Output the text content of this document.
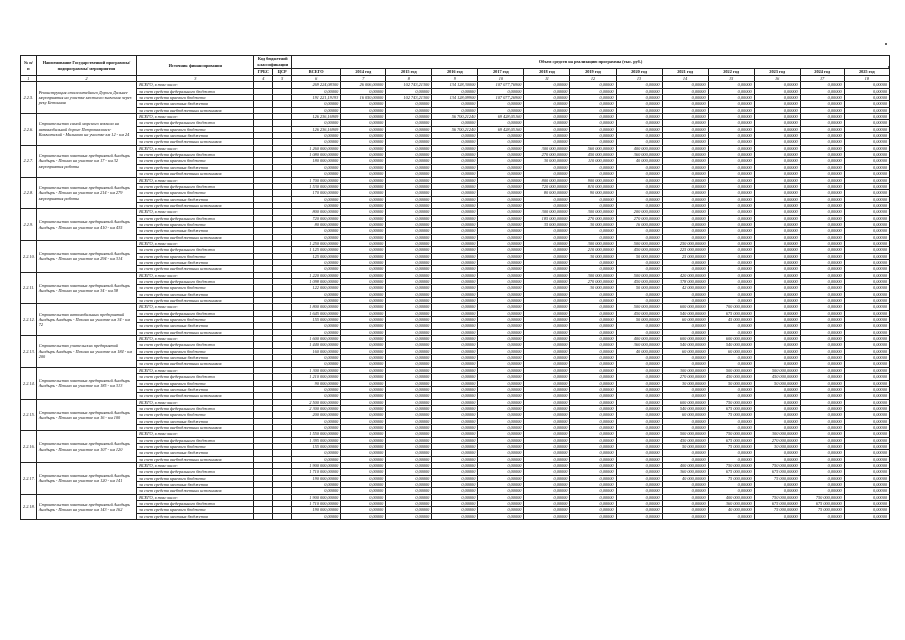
№ п/п	Наименование Государственной программы/ подпрограммы/ мероприятия	Источник финансирования	Код бюджетной классификации		Объем средств на реализацию программы (тыс. руб.)												
			ГРБС	ЦСР	ВСЕГО	2014 год	2015 год	2016 год	2017 год	2018 год	2019 год	2020 год	2021 год	2022 год	2023 год	2024 год	2025 год

1	2	3	4	5	6	7	8	9	10	11	12	13	14	15	16	17	18
2.2.5.	Реконструкция сталелитейного Дороги Дальнее мероприятия на участке местного значения через реку Бетонная	ВСЕГО, в том числе:			269 224,08300	26 006,00000	102 743,21300	134 128,30000	107 077,76900	0,00000	0,00000	0,00000	0,00000	0,00000	0,00000	0,00000	0,00000
		за счет средств федерального бюджета			0,00000	0,00000	0,00000	0,00000	0,00000	0,00000	0,00000	0,00000	0,00000	0,00000	0,00000	0,00000	0,00000
		за счет средств краевого бюджета			191 221,19193	16 050,00000	102 743,21300	134 128,09900	107 077,26900	0,00000	0,00000	0,00000	0,00000	0,00000	0,00000	0,00000	0,00000
		за счет средств местных бюджетов			0,00000	0,00000	0,00000	0,00000	0,00000	0,00000	0,00000	0,00000	0,00000	0,00000	0,00000	0,00000	0,00000
		за счет средств внебюджетных источников			0,00000	0,00000	0,00000	0,00000	0,00000	0,00000	0,00000	0,00000	0,00000	0,00000	0,00000	0,00000	0,00000
2.2.6.	Строительство самой морского вокзала на автомобильной дороге Петропавловск-Камчатский - Мильково на участке км 12 - км 24	ВСЕГО, в том числе:			126 236,16909	0,00000	0,00000	56 700,21240	69 428,05160	0,00000	0,00000	0,00000	0,00000	0,00000	0,00000	0,00000	0,00000
		за счет средств федерального бюджета			0,00000	0,00000	0,00000	0,00000	0,00000	0,00000	0,00000	0,00000	0,00000	0,00000	0,00000	0,00000	0,00000
		за счет средств краевого бюджета			126 236,16909	0,00000	0,00000	56 700,21240	69 428,05160	0,00000	0,00000	0,00000	0,00000	0,00000	0,00000	0,00000	0,00000
		за счет средств местных бюджетов			0,00000	0,00000	0,00000	0,00000	0,00000	0,00000	0,00000	0,00000	0,00000	0,00000	0,00000	0,00000	0,00000
		за счет средств внебюджетных источников			0,00000	0,00000	0,00000	0,00000	0,00000	0,00000	0,00000	0,00000	0,00000	0,00000	0,00000	0,00000	0,00000
2.2.7.	Строительство заветных предприятий Анадырь Анадырь - Пекино на участке км 17 - км 32 мероприятия работы	ВСЕГО, в том числе:			1 260 000,00000	0,00000	0,00000	0,00000	0,00000	300 000,00000	560 000,00000	400 000,00000	0,00000	0,00000	0,00000	0,00000	0,00000
		за счет средств федерального бюджета			1 080 000,00000	0,00000	0,00000	0,00000	0,00000	270 000,00000	450 000,00000	360 000,00000	0,00000	0,00000	0,00000	0,00000	0,00000
		за счет средств краевого бюджета			180 000,00000	0,00000	0,00000	0,00000	0,00000	30 000,00000	110 000,00000	40 000,00000	0,00000	0,00000	0,00000	0,00000	0,00000
		за счет средств местных бюджетов			0,00000	0,00000	0,00000	0,00000	0,00000	0,00000	0,00000	0,00000	0,00000	0,00000	0,00000	0,00000	0,00000
		за счет средств внебюджетных источников			0,00000	0,00000	0,00000	0,00000	0,00000	0,00000	0,00000	0,00000	0,00000	0,00000	0,00000	0,00000	0,00000
2.2.8.	Строительство заветных предприятий Анадырь Анадырь - Пекино на участке км 214 - км 279 мероприятия работы	ВСЕГО, в том числе:			1 700 000,00000	0,00000	0,00000	0,00000	0,00000	800 000,00000	900 000,00000	0,00000	0,00000	0,00000	0,00000	0,00000	0,00000
		за счет средств федерального бюджета			1 530 000,00000	0,00000	0,00000	0,00000	0,00000	720 000,00000	810 000,00000	0,00000	0,00000	0,00000	0,00000	0,00000	0,00000
		за счет средств краевого бюджета			170 000,00000	0,00000	0,00000	0,00000	0,00000	80 000,00000	90 000,00000	0,00000	0,00000	0,00000	0,00000	0,00000	0,00000
		за счет средств местных бюджетов			0,00000	0,00000	0,00000	0,00000	0,00000	0,00000	0,00000	0,00000	0,00000	0,00000	0,00000	0,00000	0,00000
		за счет средств внебюджетных источников			0,00000	0,00000	0,00000	0,00000	0,00000	0,00000	0,00000	0,00000	0,00000	0,00000	0,00000	0,00000	0,00000
2.2.9.	Строительство заветных предприятий Анадырь Анадырь - Пекино на участке км 410 - км 435	ВСЕГО, в том числе:			800 000,00000	0,00000	0,00000	0,00000	0,00000	300 000,00000	300 000,00000	200 000,00000	0,00000	0,00000	0,00000	0,00000	0,00000
		за счет средств федерального бюджета			720 000,00000	0,00000	0,00000	0,00000	0,00000	185 000,00000	270 000,00000	270 000,00000	0,00000	0,00000	0,00000	0,00000	0,00000
		за счет средств краевого бюджета			80 000,00000	0,00000	0,00000	0,00000	0,00000	35 000,00000	30 000,00000	16 000,00000	0,00000	0,00000	0,00000	0,00000	0,00000
		за счет средств местных бюджетов			0,00000	0,00000	0,00000	0,00000	0,00000	0,00000	0,00000	0,00000	0,00000	0,00000	0,00000	0,00000	0,00000
		за счет средств внебюджетных источников			0,00000	0,00000	0,00000	0,00000	0,00000	0,00000	0,00000	0,00000	0,00000	0,00000	0,00000	0,00000	0,00000
2.2.10.	Строительство заветных предприятий Анадырь Анадырь - Пекино на участке км 294 - км 314	ВСЕГО, в том числе:			1 250 000,00000	0,00000	0,00000	0,00000	0,00000	0,00000	300 000,00000	500 000,00000	250 000,00000	0,00000	0,00000	0,00000	0,00000
		за счет средств федерального бюджета			1 125 000,00000	0,00000	0,00000	0,00000	0,00000	0,00000	210 000,00000	450 000,00000	225 000,00000	0,00000	0,00000	0,00000	0,00000
		за счет средств краевого бюджета			125 000,00000	0,00000	0,00000	0,00000	0,00000	0,00000	30 000,00000	50 000,00000	25 000,00000	0,00000	0,00000	0,00000	0,00000
		за счет средств местных бюджетов			0,00000	0,00000	0,00000	0,00000	0,00000	0,00000	0,00000	0,00000	0,00000	0,00000	0,00000	0,00000	0,00000
		за счет средств внебюджетных источников			0,00000	0,00000	0,00000	0,00000	0,00000	0,00000	0,00000	0,00000	0,00000	0,00000	0,00000	0,00000	0,00000
2.2.11.	Строительство заветных предприятий Анадырь Анадырь - Пекино на участке км 34 - км 58	ВСЕГО, в том числе:			1 220 000,00000	0,00000	0,00000	0,00000	0,00000	0,00000	300 000,00000	500 000,00000	420 000,00000	0,00000	0,00000	0,00000	0,00000
		за счет средств федерального бюджета			1 098 000,00000	0,00000	0,00000	0,00000	0,00000	0,00000	270 000,00000	450 000,00000	378 000,00000	0,00000	0,00000	0,00000	0,00000
		за счет средств краевого бюджета			122 000,00000	0,00000	0,00000	0,00000	0,00000	0,00000	30 000,00000	50 000,00000	42 000,00000	0,00000	0,00000	0,00000	0,00000
		за счет средств местных бюджетов			0,00000	0,00000	0,00000	0,00000	0,00000	0,00000	0,00000	0,00000	0,00000	0,00000	0,00000	0,00000	0,00000
		за счет средств внебюджетных источников			0,00000	0,00000	0,00000	0,00000	0,00000	0,00000	0,00000	0,00000	0,00000	0,00000	0,00000	0,00000	0,00000
2.2.12.	Строительство автомобильных предприятий Анадырь Анадырь - Пекино на участке км 34 - км 72	ВСЕГО, в том числе:			1 800 000,00000	0,00000	0,00000	0,00000	0,00000	0,00000	0,00000	500 000,00000	600 000,00000	700 000,00000	0,00000	0,00000	0,00000
		за счет средств федерального бюджета			1 645 000,00000	0,00000	0,00000	0,00000	0,00000	0,00000	0,00000	450 000,00000	540 000,00000	675 000,00000	0,00000	0,00000	0,00000
		за счет средств краевого бюджета			155 000,00000	0,00000	0,00000	0,00000	0,00000	0,00000	0,00000	50 000,00000	60 000,00000	45 000,00000	0,00000	0,00000	0,00000
		за счет средств местных бюджетов			0,00000	0,00000	0,00000	0,00000	0,00000	0,00000	0,00000	0,00000	0,00000	0,00000	0,00000	0,00000	0,00000
		за счет средств внебюджетных источников			0,00000	0,00000	0,00000	0,00000	0,00000	0,00000	0,00000	0,00000	0,00000	0,00000	0,00000	0,00000	0,00000
2.2.13.	Строительство учительских предприятий Анадырь Анадырь - Пекино на участке км 184 - км 200	ВСЕГО, в том числе:			1 600 000,00000	0,00000	0,00000	0,00000	0,00000	0,00000	0,00000	400 000,00000	600 000,00000	600 000,00000	0,00000	0,00000	0,00000
		за счет средств федерального бюджета			1 440 000,00000	0,00000	0,00000	0,00000	0,00000	0,00000	0,00000	360 000,00000	540 000,00000	540 000,00000	0,00000	0,00000	0,00000
		за счет средств краевого бюджета			160 000,00000	0,00000	0,00000	0,00000	0,00000	0,00000	0,00000	40 000,00000	60 000,00000	60 000,00000	0,00000	0,00000	0,00000
		за счет средств местных бюджетов			0,00000	0,00000	0,00000	0,00000	0,00000	0,00000	0,00000	0,00000	0,00000	0,00000	0,00000	0,00000	0,00000
		за счет средств внебюджетных источников			0,00000	0,00000	0,00000	0,00000	0,00000	0,00000	0,00000	0,00000	0,00000	0,00000	0,00000	0,00000	0,00000
2.2.14.	Строительство заветных предприятий Анадырь Анадырь - Пекино на участке км 185 - км 313	ВСЕГО, в том числе:			1 300 000,00000	0,00000	0,00000	0,00000	0,00000	0,00000	0,00000	0,00000	300 000,00000	500 000,00000	500 000,00000	0,00000	0,00000
		за счет средств федерального бюджета			1 210 000,00000	0,00000	0,00000	0,00000	0,00000	0,00000	0,00000	0,00000	270 000,00000	450 000,00000	450 000,00000	0,00000	0,00000
		за счет средств краевого бюджета			90 000,00000	0,00000	0,00000	0,00000	0,00000	0,00000	0,00000	0,00000	30 000,00000	50 000,00000	50 000,00000	0,00000	0,00000
		за счет средств местных бюджетов			0,00000	0,00000	0,00000	0,00000	0,00000	0,00000	0,00000	0,00000	0,00000	0,00000	0,00000	0,00000	0,00000
		за счет средств внебюджетных источников			0,00000	0,00000	0,00000	0,00000	0,00000	0,00000	0,00000	0,00000	0,00000	0,00000	0,00000	0,00000	0,00000
2.2.15.	Строительство заветных предприятий Анадырь Анадырь - Пекино на участке км 16 - км 100	ВСЕГО, в том числе:			2 500 000,00000	0,00000	0,00000	0,00000	0,00000	0,00000	0,00000	0,00000	600 000,00000	750 000,00000	0,00000	0,00000	0,00000
		за счет средств федерального бюджета			2 300 000,00000	0,00000	0,00000	0,00000	0,00000	0,00000	0,00000	0,00000	540 000,00000	675 000,00000	0,00000	0,00000	0,00000
		за счет средств краевого бюджета			200 000,00000	0,00000	0,00000	0,00000	0,00000	0,00000	0,00000	0,00000	60 000,00000	75 000,00000	0,00000	0,00000	0,00000
		за счет средств местных бюджетов			0,00000	0,00000	0,00000	0,00000	0,00000	0,00000	0,00000	0,00000	0,00000	0,00000	0,00000	0,00000	0,00000
		за счет средств внебюджетных источников			0,00000	0,00000	0,00000	0,00000	0,00000	0,00000	0,00000	0,00000	0,00000	0,00000	0,00000	0,00000	0,00000
2.2.16.	Строительство заветных предприятий Анадырь Анадырь - Пекино на участке км 107 - км 120	ВСЕГО, в том числе:			1 550 000,00000	0,00000	0,00000	0,00000	0,00000	0,00000	0,00000	0,00000	500 000,00000	750 000,00000	300 000,00000	0,00000	0,00000
		за счет средств федерального бюджета			1 395 000,00000	0,00000	0,00000	0,00000	0,00000	0,00000	0,00000	0,00000	450 000,00000	675 000,00000	270 000,00000	0,00000	0,00000
		за счет средств краевого бюджета			155 000,00000	0,00000	0,00000	0,00000	0,00000	0,00000	0,00000	0,00000	50 000,00000	75 000,00000	30 000,00000	0,00000	0,00000
		за счет средств местных бюджетов			0,00000	0,00000	0,00000	0,00000	0,00000	0,00000	0,00000	0,00000	0,00000	0,00000	0,00000	0,00000	0,00000
		за счет средств внебюджетных источников			0,00000	0,00000	0,00000	0,00000	0,00000	0,00000	0,00000	0,00000	0,00000	0,00000	0,00000	0,00000	0,00000
2.2.17.	Строительство заветных предприятий Анадырь Анадырь - Пекино на участке км 120 - км 141	ВСЕГО, в том числе:			1 900 000,00000	0,00000	0,00000	0,00000	0,00000	0,00000	0,00000	0,00000	400 000,00000	750 000,00000	750 000,00000	0,00000	0,00000
		за счет средств федерального бюджета			1 710 000,00000	0,00000	0,00000	0,00000	0,00000	0,00000	0,00000	0,00000	360 000,00000	675 000,00000	675 000,00000	0,00000	0,00000
		за счет средств краевого бюджета			190 000,00000	0,00000	0,00000	0,00000	0,00000	0,00000	0,00000	0,00000	40 000,00000	75 000,00000	75 000,00000	0,00000	0,00000
		за счет средств местных бюджетов			0,00000	0,00000	0,00000	0,00000	0,00000	0,00000	0,00000	0,00000	0,00000	0,00000	0,00000	0,00000	0,00000
		за счет средств внебюджетных источников			0,00000	0,00000	0,00000	0,00000	0,00000	0,00000	0,00000	0,00000	0,00000	0,00000	0,00000	0,00000	0,00000
2.2.18.	Строительство заветных предприятий Анадырь Анадырь - Пекино на участке км 143 - км 162	ВСЕГО, в том числе:			1 900 000,00000	0,00000	0,00000	0,00000	0,00000	0,00000	0,00000	0,00000	0,00000	400 000,00000	750 000,00000	750 000,00000	0,00000
		за счет средств федерального бюджета			1 710 000,00000	0,00000	0,00000	0,00000	0,00000	0,00000	0,00000	0,00000	0,00000	360 000,00000	675 000,00000	675 000,00000	0,00000
		за счет средств краевого бюджета			190 000,00000	0,00000	0,00000	0,00000	0,00000	0,00000	0,00000	0,00000	0,00000	40 000,00000	75 000,00000	75 000,00000	0,00000
		за счет средств местных бюджетов			0,00000	0,00000	0,00000	0,00000	0,00000	0,00000	0,00000	0,00000	0,00000	0,00000	0,00000	0,00000	0,00000
